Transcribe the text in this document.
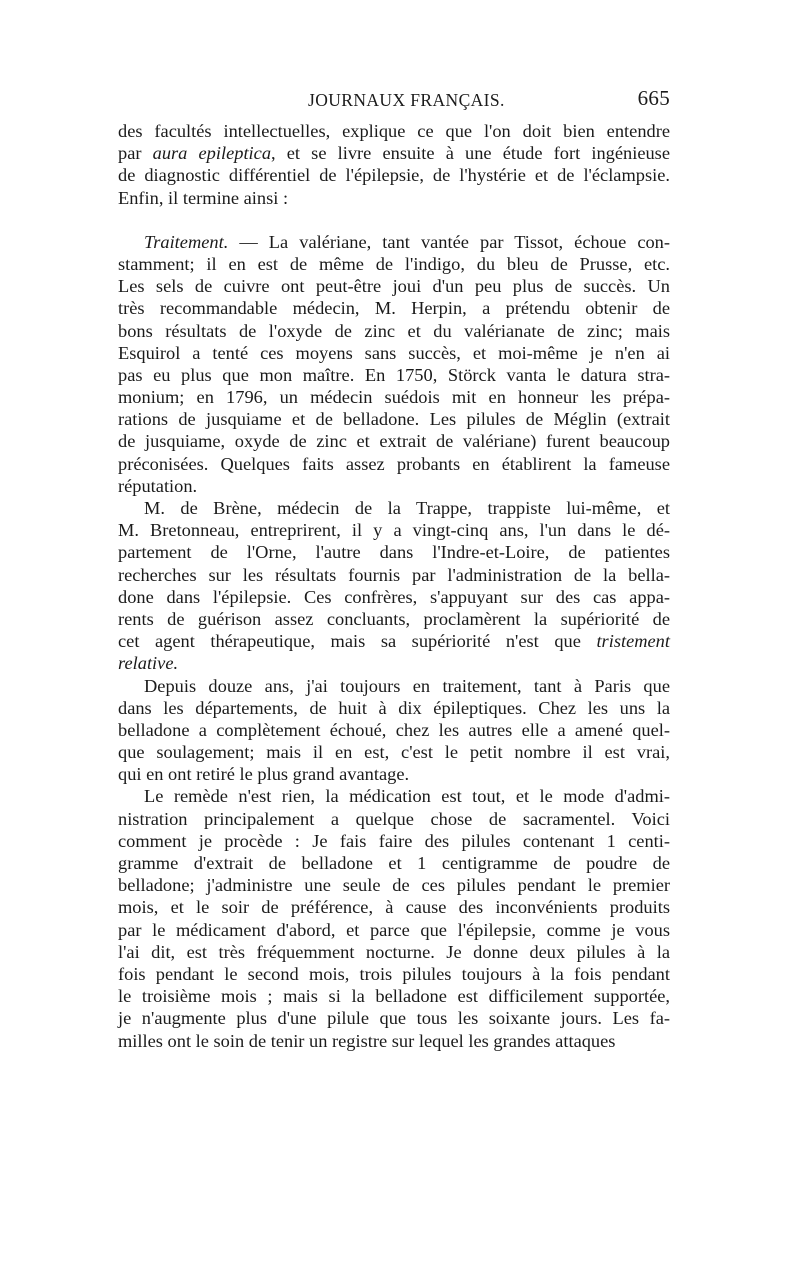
JOURNAUX FRANÇAIS.	665
des facultés intellectuelles, explique ce que l'on doit bien entendre
par aura epileptica, et se livre ensuite à une étude fort ingénieuse
de diagnostic différentiel de l'épilepsie, de l'hystérie et de l'éclampsie.
Enfin, il termine ainsi :
Traitement. — La valériane, tant vantée par Tissot, échoue con-
stamment; il en est de même de l'indigo, du bleu de Prusse, etc.
Les sels de cuivre ont peut-être joui d'un peu plus de succès. Un
très recommandable médecin, M. Herpin, a prétendu obtenir de
bons résultats de l'oxyde de zinc et du valérianate de zinc; mais
Esquirol a tenté ces moyens sans succès, et moi-même je n'en ai
pas eu plus que mon maître. En 1750, Störck vanta le datura stra-
monium; en 1796, un médecin suédois mit en honneur les prépa-
rations de jusquiame et de belladone. Les pilules de Méglin (extrait
de jusquiame, oxyde de zinc et extrait de valériane) furent beaucoup
préconisées. Quelques faits assez probants en établirent la fameuse
réputation.
M. de Brène, médecin de la Trappe, trappiste lui-même, et
M. Bretonneau, entreprirent, il y a vingt-cinq ans, l'un dans le dé-
partement de l'Orne, l'autre dans l'Indre-et-Loire, de patientes
recherches sur les résultats fournis par l'administration de la bella-
done dans l'épilepsie. Ces confrères, s'appuyant sur des cas appa-
rents de guérison assez concluants, proclamèrent la supériorité de
cet agent thérapeutique, mais sa supériorité n'est que tristement
relative.
Depuis douze ans, j'ai toujours en traitement, tant à Paris que
dans les départements, de huit à dix épileptiques. Chez les uns la
belladone a complètement échoué, chez les autres elle a amené quel-
que soulagement; mais il en est, c'est le petit nombre il est vrai,
qui en ont retiré le plus grand avantage.
Le remède n'est rien, la médication est tout, et le mode d'admi-
nistration principalement a quelque chose de sacramentel. Voici
comment je procède : Je fais faire des pilules contenant 1 centi-
gramme d'extrait de belladone et 1 centigramme de poudre de
belladone; j'administre une seule de ces pilules pendant le premier
mois, et le soir de préférence, à cause des inconvénients produits
par le médicament d'abord, et parce que l'épilepsie, comme je vous
l'ai dit, est très fréquemment nocturne. Je donne deux pilules à la
fois pendant le second mois, trois pilules toujours à la fois pendant
le troisième mois ; mais si la belladone est difficilement supportée,
je n'augmente plus d'une pilule que tous les soixante jours. Les fa-
milles ont le soin de tenir un registre sur lequel les grandes attaques
